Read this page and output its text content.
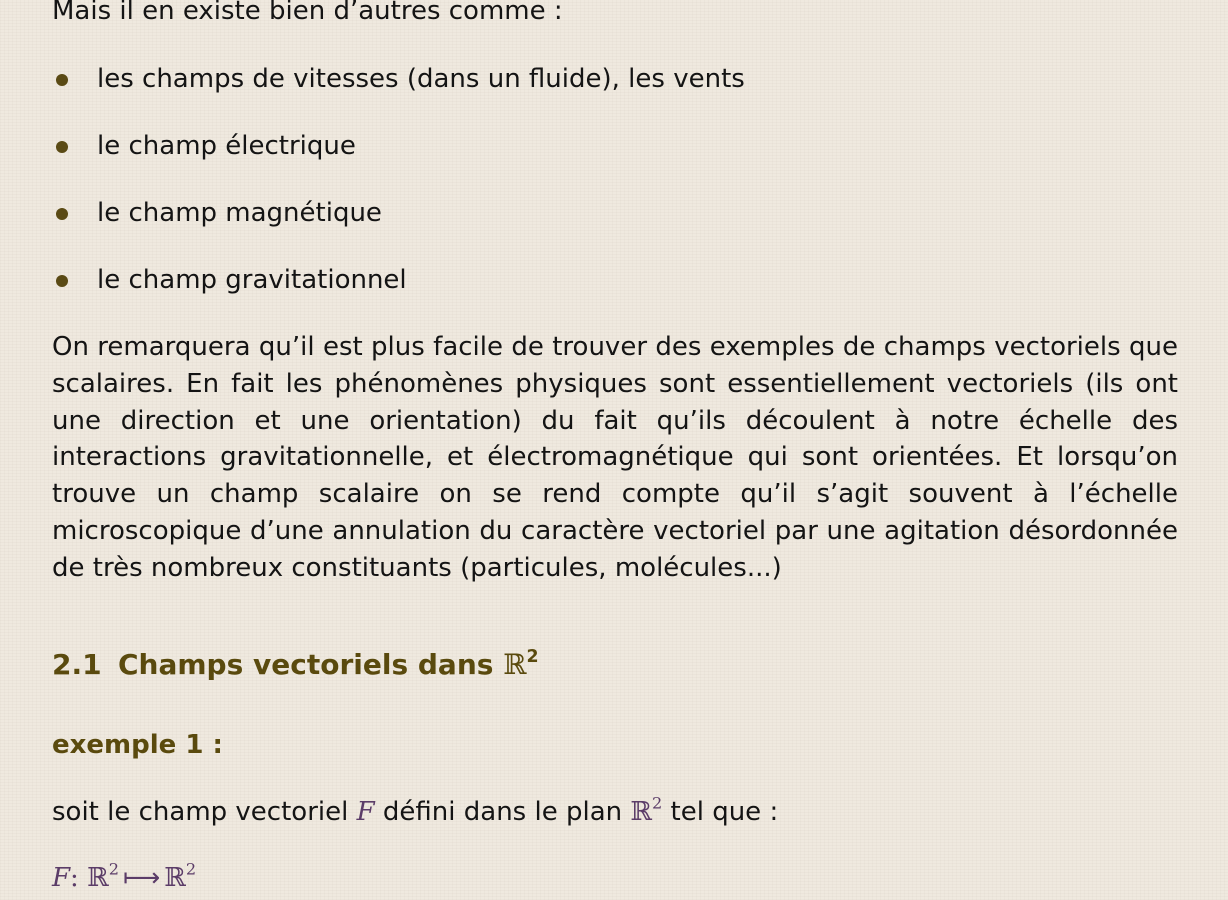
Mais il en existe bien d’autres comme :
les champs de vitesses (dans un fluide), les vents
le champ électrique
le champ magnétique
le champ gravitationnel

On remarquera qu’il est plus facile de trouver des exemples de champs vectoriels que scalaires. En fait les phénomènes physiques sont essentiellement vectoriels (ils ont une direction et une orientation) du fait qu’ils découlent à notre échelle des interactions gravitationnelle, et électromagnétique qui sont orientées. Et lorsqu’on trouve un champ scalaire on se rend compte qu’il s’agit souvent à l’échelle microscopique d’une annulation du caractère vectoriel par une agitation désordonnée de très nombreux constituants (particules, molécules...)

2.1 Champs vectoriels dans ℝ$^2$
exemple 1 :
soit le champ vectoriel F défini dans le plan ℝ$^2$ tel que :
F: ℝ$^2$ ⟼ ℝ$^2$
